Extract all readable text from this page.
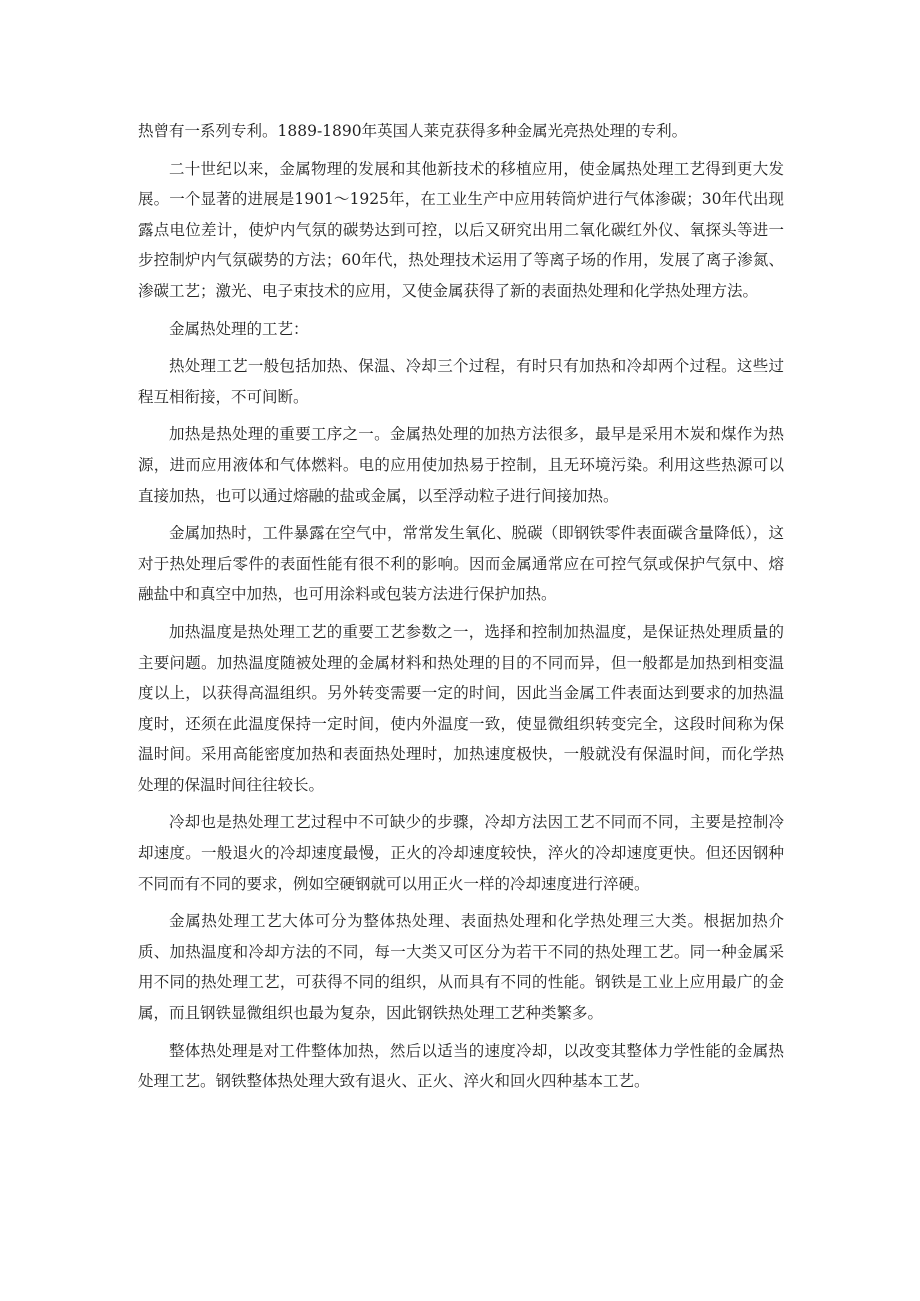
热曾有一系列专利。1889-1890年英国人莱克获得多种金属光亮热处理的专利。

二十世纪以来，金属物理的发展和其他新技术的移植应用，使金属热处理工艺得到更大发展。一个显著的进展是1901～1925年，在工业生产中应用转筒炉进行气体渗碳；30年代出现露点电位差计，使炉内气氛的碳势达到可控，以后又研究出用二氧化碳红外仪、氧探头等进一步控制炉内气氛碳势的方法；60年代，热处理技术运用了等离子场的作用，发展了离子渗氮、渗碳工艺；激光、电子束技术的应用，又使金属获得了新的表面热处理和化学热处理方法。

金属热处理的工艺：

热处理工艺一般包括加热、保温、冷却三个过程，有时只有加热和冷却两个过程。这些过程互相衔接，不可间断。

加热是热处理的重要工序之一。金属热处理的加热方法很多，最早是采用木炭和煤作为热源，进而应用液体和气体燃料。电的应用使加热易于控制，且无环境污染。利用这些热源可以直接加热，也可以通过熔融的盐或金属，以至浮动粒子进行间接加热。

金属加热时，工件暴露在空气中，常常发生氧化、脱碳（即钢铁零件表面碳含量降低），这对于热处理后零件的表面性能有很不利的影响。因而金属通常应在可控气氛或保护气氛中、熔融盐中和真空中加热，也可用涂料或包装方法进行保护加热。

加热温度是热处理工艺的重要工艺参数之一，选择和控制加热温度，是保证热处理质量的主要问题。加热温度随被处理的金属材料和热处理的目的不同而异，但一般都是加热到相变温度以上，以获得高温组织。另外转变需要一定的时间，因此当金属工件表面达到要求的加热温度时，还须在此温度保持一定时间，使内外温度一致，使显微组织转变完全，这段时间称为保温时间。采用高能密度加热和表面热处理时，加热速度极快，一般就没有保温时间，而化学热处理的保温时间往往较长。

冷却也是热处理工艺过程中不可缺少的步骤，冷却方法因工艺不同而不同，主要是控制冷却速度。一般退火的冷却速度最慢，正火的冷却速度较快，淬火的冷却速度更快。但还因钢种不同而有不同的要求，例如空硬钢就可以用正火一样的冷却速度进行淬硬。

金属热处理工艺大体可分为整体热处理、表面热处理和化学热处理三大类。根据加热介质、加热温度和冷却方法的不同，每一大类又可区分为若干不同的热处理工艺。同一种金属采用不同的热处理工艺，可获得不同的组织，从而具有不同的性能。钢铁是工业上应用最广的金属，而且钢铁显微组织也最为复杂，因此钢铁热处理工艺种类繁多。

整体热处理是对工件整体加热，然后以适当的速度冷却，以改变其整体力学性能的金属热处理工艺。钢铁整体热处理大致有退火、正火、淬火和回火四种基本工艺。
